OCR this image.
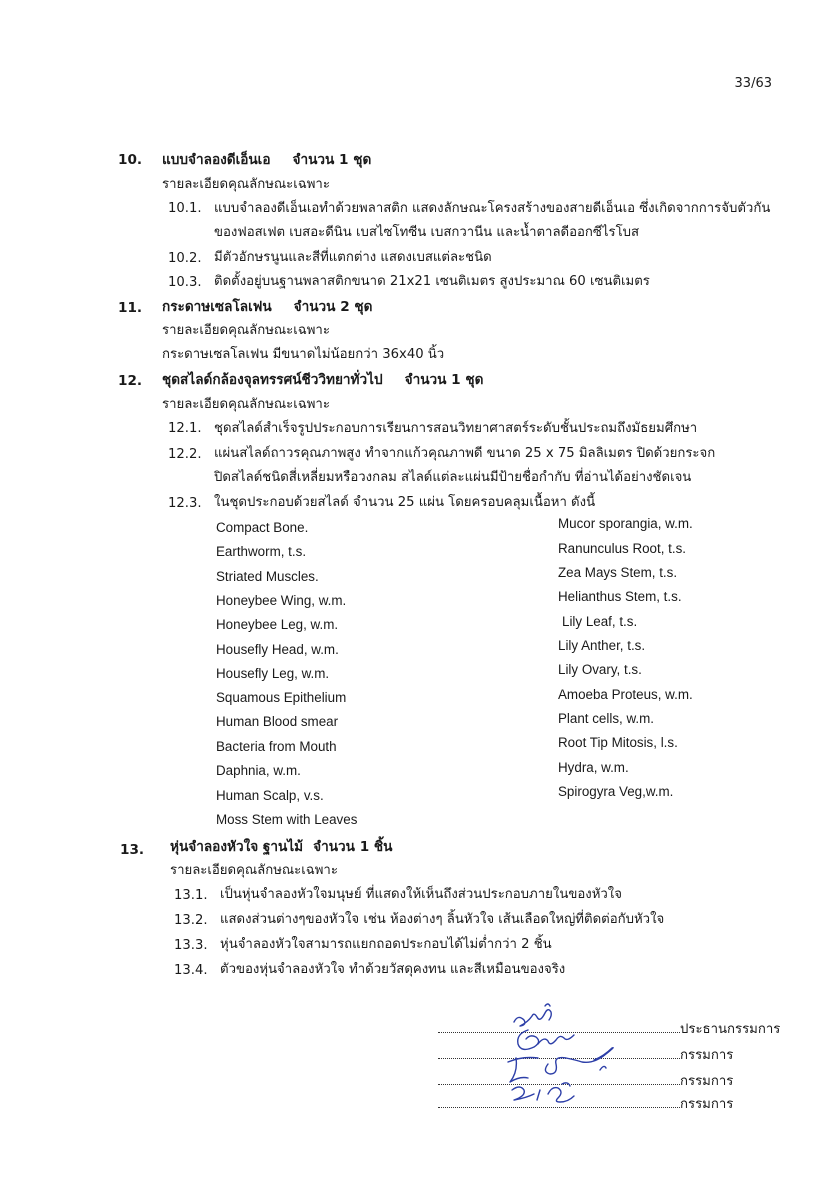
33/63
10. แบบจำลองดีเอ็นเอ จำนวน 1 ชุด
รายละเอียดคุณลักษณะเฉพาะ
10.1. แบบจำลองดีเอ็นเอทำด้วยพลาสติก แสดงลักษณะโครงสร้างของสายดีเอ็นเอ ซึ่งเกิดจากการจับตัวกัน
ของฟอสเฟต เบสอะดีนิน เบสไซโทซีน เบสกวานีน และน้ำตาลดีออกซีไรโบส
10.2. มีตัวอักษรนูนและสีที่แตกต่าง แสดงเบสแต่ละชนิด
10.3. ติดตั้งอยู่บนฐานพลาสติกขนาด 21x21 เซนติเมตร สูงประมาณ 60 เซนติเมตร
11. กระดาษเซลโลเฟน จำนวน 2 ชุด
รายละเอียดคุณลักษณะเฉพาะ
กระดาษเซลโลเฟน มีขนาดไม่น้อยกว่า 36x40 นิ้ว
12. ชุดสไลด์กล้องจุลทรรศน์ชีววิทยาทั่วไป จำนวน 1 ชุด
รายละเอียดคุณลักษณะเฉพาะ
12.1. ชุดสไลด์สำเร็จรูปประกอบการเรียนการสอนวิทยาศาสตร์ระดับชั้นประถมถึงมัธยมศึกษา
12.2. แผ่นสไลด์ถาวรคุณภาพสูง ทำจากแก้วคุณภาพดี ขนาด 25 x 75 มิลลิเมตร ปิดด้วยกระจก
ปิดสไลด์ชนิดสี่เหลี่ยมหรือวงกลม สไลด์แต่ละแผ่นมีป้ายชื่อกำกับ ที่อ่านได้อย่างชัดเจน
12.3. ในชุดประกอบด้วยสไลด์ จำนวน 25 แผ่น โดยครอบคลุมเนื้อหา ดังนี้
Compact Bone.
Earthworm, t.s.
Striated Muscles.
Honeybee Wing, w.m.
Honeybee Leg, w.m.
Housefly Head, w.m.
Housefly Leg, w.m.
Squamous Epithelium
Human Blood smear
Bacteria from Mouth
Daphnia, w.m.
Human Scalp, v.s.
Moss Stem with Leaves
Mucor sporangia, w.m.
Ranunculus Root, t.s.
Zea Mays Stem, t.s.
Helianthus Stem, t.s.
Lily Leaf, t.s.
Lily Anther, t.s.
Lily Ovary, t.s.
Amoeba Proteus, w.m.
Plant cells, w.m.
Root Tip Mitosis, l.s.
Hydra, w.m.
Spirogyra Veg,w.m.
13. หุ่นจำลองหัวใจ ฐานไม้ จำนวน 1 ชิ้น
รายละเอียดคุณลักษณะเฉพาะ
13.1. เป็นหุ่นจำลองหัวใจมนุษย์ ที่แสดงให้เห็นถึงส่วนประกอบภายในของหัวใจ
13.2. แสดงส่วนต่างๆของหัวใจ เช่น ห้องต่างๆ ลิ้นหัวใจ เส้นเลือดใหญ่ที่ติดต่อกับหัวใจ
13.3. หุ่นจำลองหัวใจสามารถแยกถอดประกอบได้ไม่ต่ำกว่า 2 ชิ้น
13.4. ตัวของหุ่นจำลองหัวใจ ทำด้วยวัสดุคงทน และสีเหมือนของจริง
ประธานกรรมการ
กรรมการ
กรรมการ
กรรมการ
